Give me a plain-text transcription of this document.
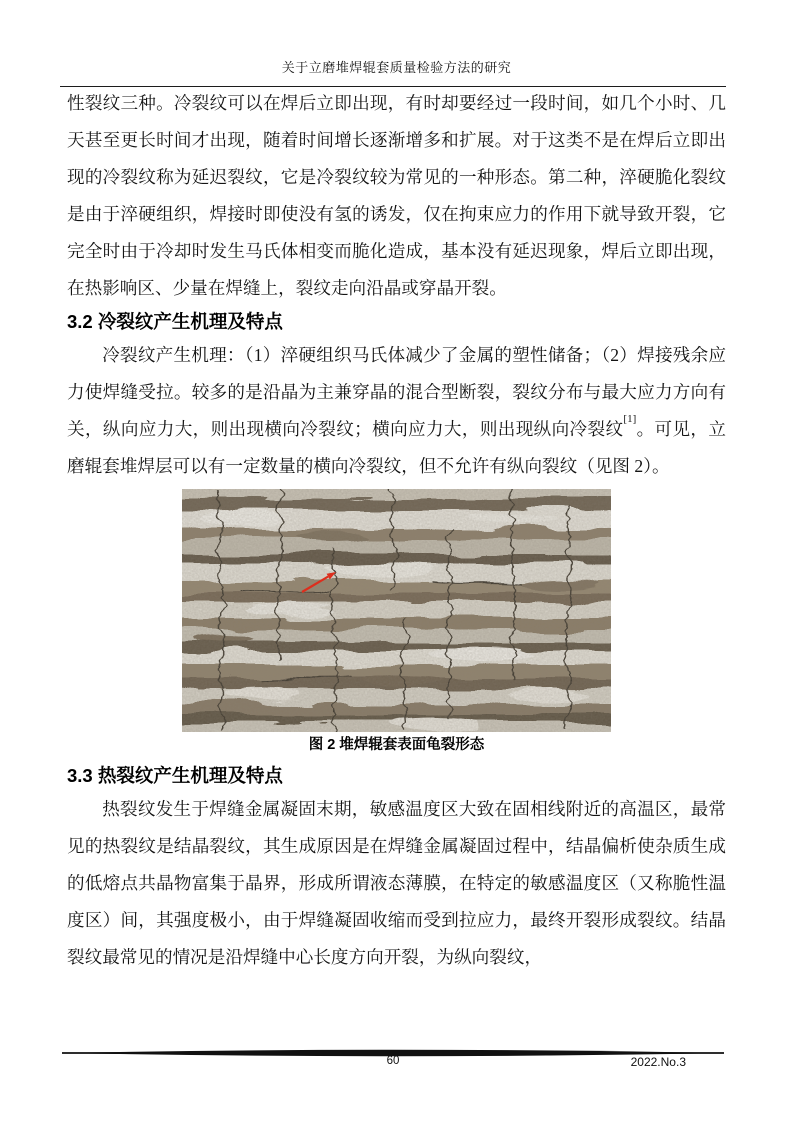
关于立磨堆焊辊套质量检验方法的研究

性裂纹三种。冷裂纹可以在焊后立即出现，有时却要经过一段时间，如几个小时、几天甚至更长时间才出现，随着时间增长逐渐增多和扩展。对于这类不是在焊后立即出现的冷裂纹称为延迟裂纹，它是冷裂纹较为常见的一种形态。第二种，淬硬脆化裂纹是由于淬硬组织，焊接时即使没有氢的诱发，仅在拘束应力的作用下就导致开裂，它完全时由于冷却时发生马氏体相变而脆化造成，基本没有延迟现象，焊后立即出现，在热影响区、少量在焊缝上，裂纹走向沿晶或穿晶开裂。

3.2 冷裂纹产生机理及特点

冷裂纹产生机理：（1）淬硬组织马氏体减少了金属的塑性储备；（2）焊接残余应力使焊缝受拉。较多的是沿晶为主兼穿晶的混合型断裂，裂纹分布与最大应力方向有关，纵向应力大，则出现横向冷裂纹；横向应力大，则出现纵向冷裂纹[1]。可见，立磨辊套堆焊层可以有一定数量的横向冷裂纹，但不允许有纵向裂纹（见图 2）。

图 2 堆焊辊套表面龟裂形态
3.3 热裂纹产生机理及特点

热裂纹发生于焊缝金属凝固末期，敏感温度区大致在固相线附近的高温区，最常见的热裂纹是结晶裂纹，其生成原因是在焊缝金属凝固过程中，结晶偏析使杂质生成的低熔点共晶物富集于晶界，形成所谓液态薄膜，在特定的敏感温度区（又称脆性温度区）间，其强度极小，由于焊缝凝固收缩而受到拉应力，最终开裂形成裂纹。结晶裂纹最常见的情况是沿焊缝中心长度方向开裂，为纵向裂纹，

60	2022.No.3
